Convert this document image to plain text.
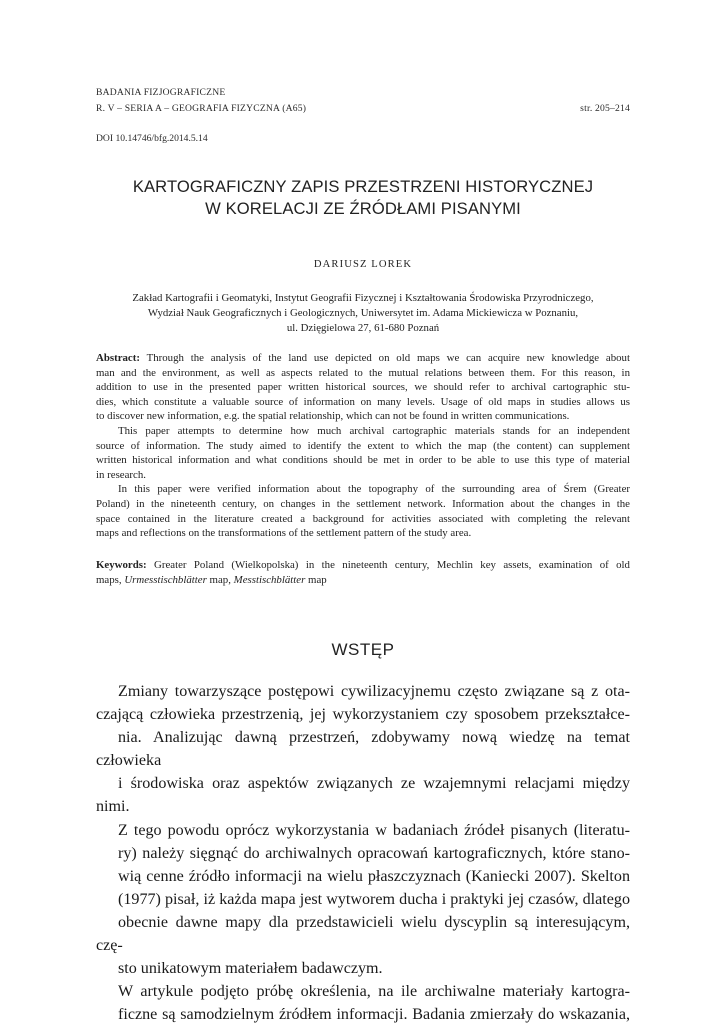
BADANIA FIZJOGRAFICZNE
R. V – SERIA A – GEOGRAFIA FIZYCZNA (A65)	str. 205–214
DOI 10.14746/bfg.2014.5.14
KARTOGRAFICZNY ZAPIS PRZESTRZENI HISTORYCZNEJ
W KORELACJI ZE ŹRÓDŁAMI PISANYMI
DARIUSZ LOREK
Zakład Kartografii i Geomatyki, Instytut Geografii Fizycznej i Kształtowania Środowiska Przyrodniczego,
Wydział Nauk Geograficznych i Geologicznych, Uniwersytet im. Adama Mickiewicza w Poznaniu,
ul. Dzięgielowa 27, 61-680 Poznań

Abstract: Through the analysis of the land use depicted on old maps we can acquire new knowledge about
man and the environment, as well as aspects related to the mutual relations between them. For this reason, in
addition to use in the presented paper written historical sources, we should refer to archival cartographic stu-
dies, which constitute a valuable source of information on many levels. Usage of old maps in studies allows us
to discover new information, e.g. the spatial relationship, which can not be found in written communications.

This paper attempts to determine how much archival cartographic materials stands for an independent
source of information. The study aimed to identify the extent to which the map (the content) can supplement
written historical information and what conditions should be met in order to be able to use this type of material
in research.

In this paper were verified information about the topography of the surrounding area of Śrem (Greater
Poland) in the nineteenth century, on changes in the settlement network. Information about the changes in the
space contained in the literature created a background for activities associated with completing the relevant
maps and reflections on the transformations of the settlement pattern of the study area.

Keywords: Greater Poland (Wielkopolska) in the nineteenth century, Mechlin key assets, examination of old
maps, Urmesstischblätter map, Messtischblätter map
WSTĘP

Zmiany towarzyszące postępowi cywilizacyjnemu często związane są z ota-
czającą człowieka przestrzenią, jej wykorzystaniem czy sposobem przekształce-
nia. Analizując dawną przestrzeń, zdobywamy nową wiedzę na temat człowieka
i środowiska oraz aspektów związanych ze wzajemnymi relacjami między nimi.
Z tego powodu oprócz wykorzystania w badaniach źródeł pisanych (literatu-
ry) należy sięgnąć do archiwalnych opracowań kartograficznych, które stano-
wią cenne źródło informacji na wielu płaszczyznach (Kaniecki 2007). Skelton
(1977) pisał, iż każda mapa jest wytworem ducha i praktyki jej czasów, dlatego
obecnie dawne mapy dla przedstawicieli wielu dyscyplin są interesującym, czę-
sto unikatowym materiałem badawczym.

W artykule podjęto próbę określenia, na ile archiwalne materiały kartogra-
ficzne są samodzielnym źródłem informacji. Badania zmierzały do wskazania,
